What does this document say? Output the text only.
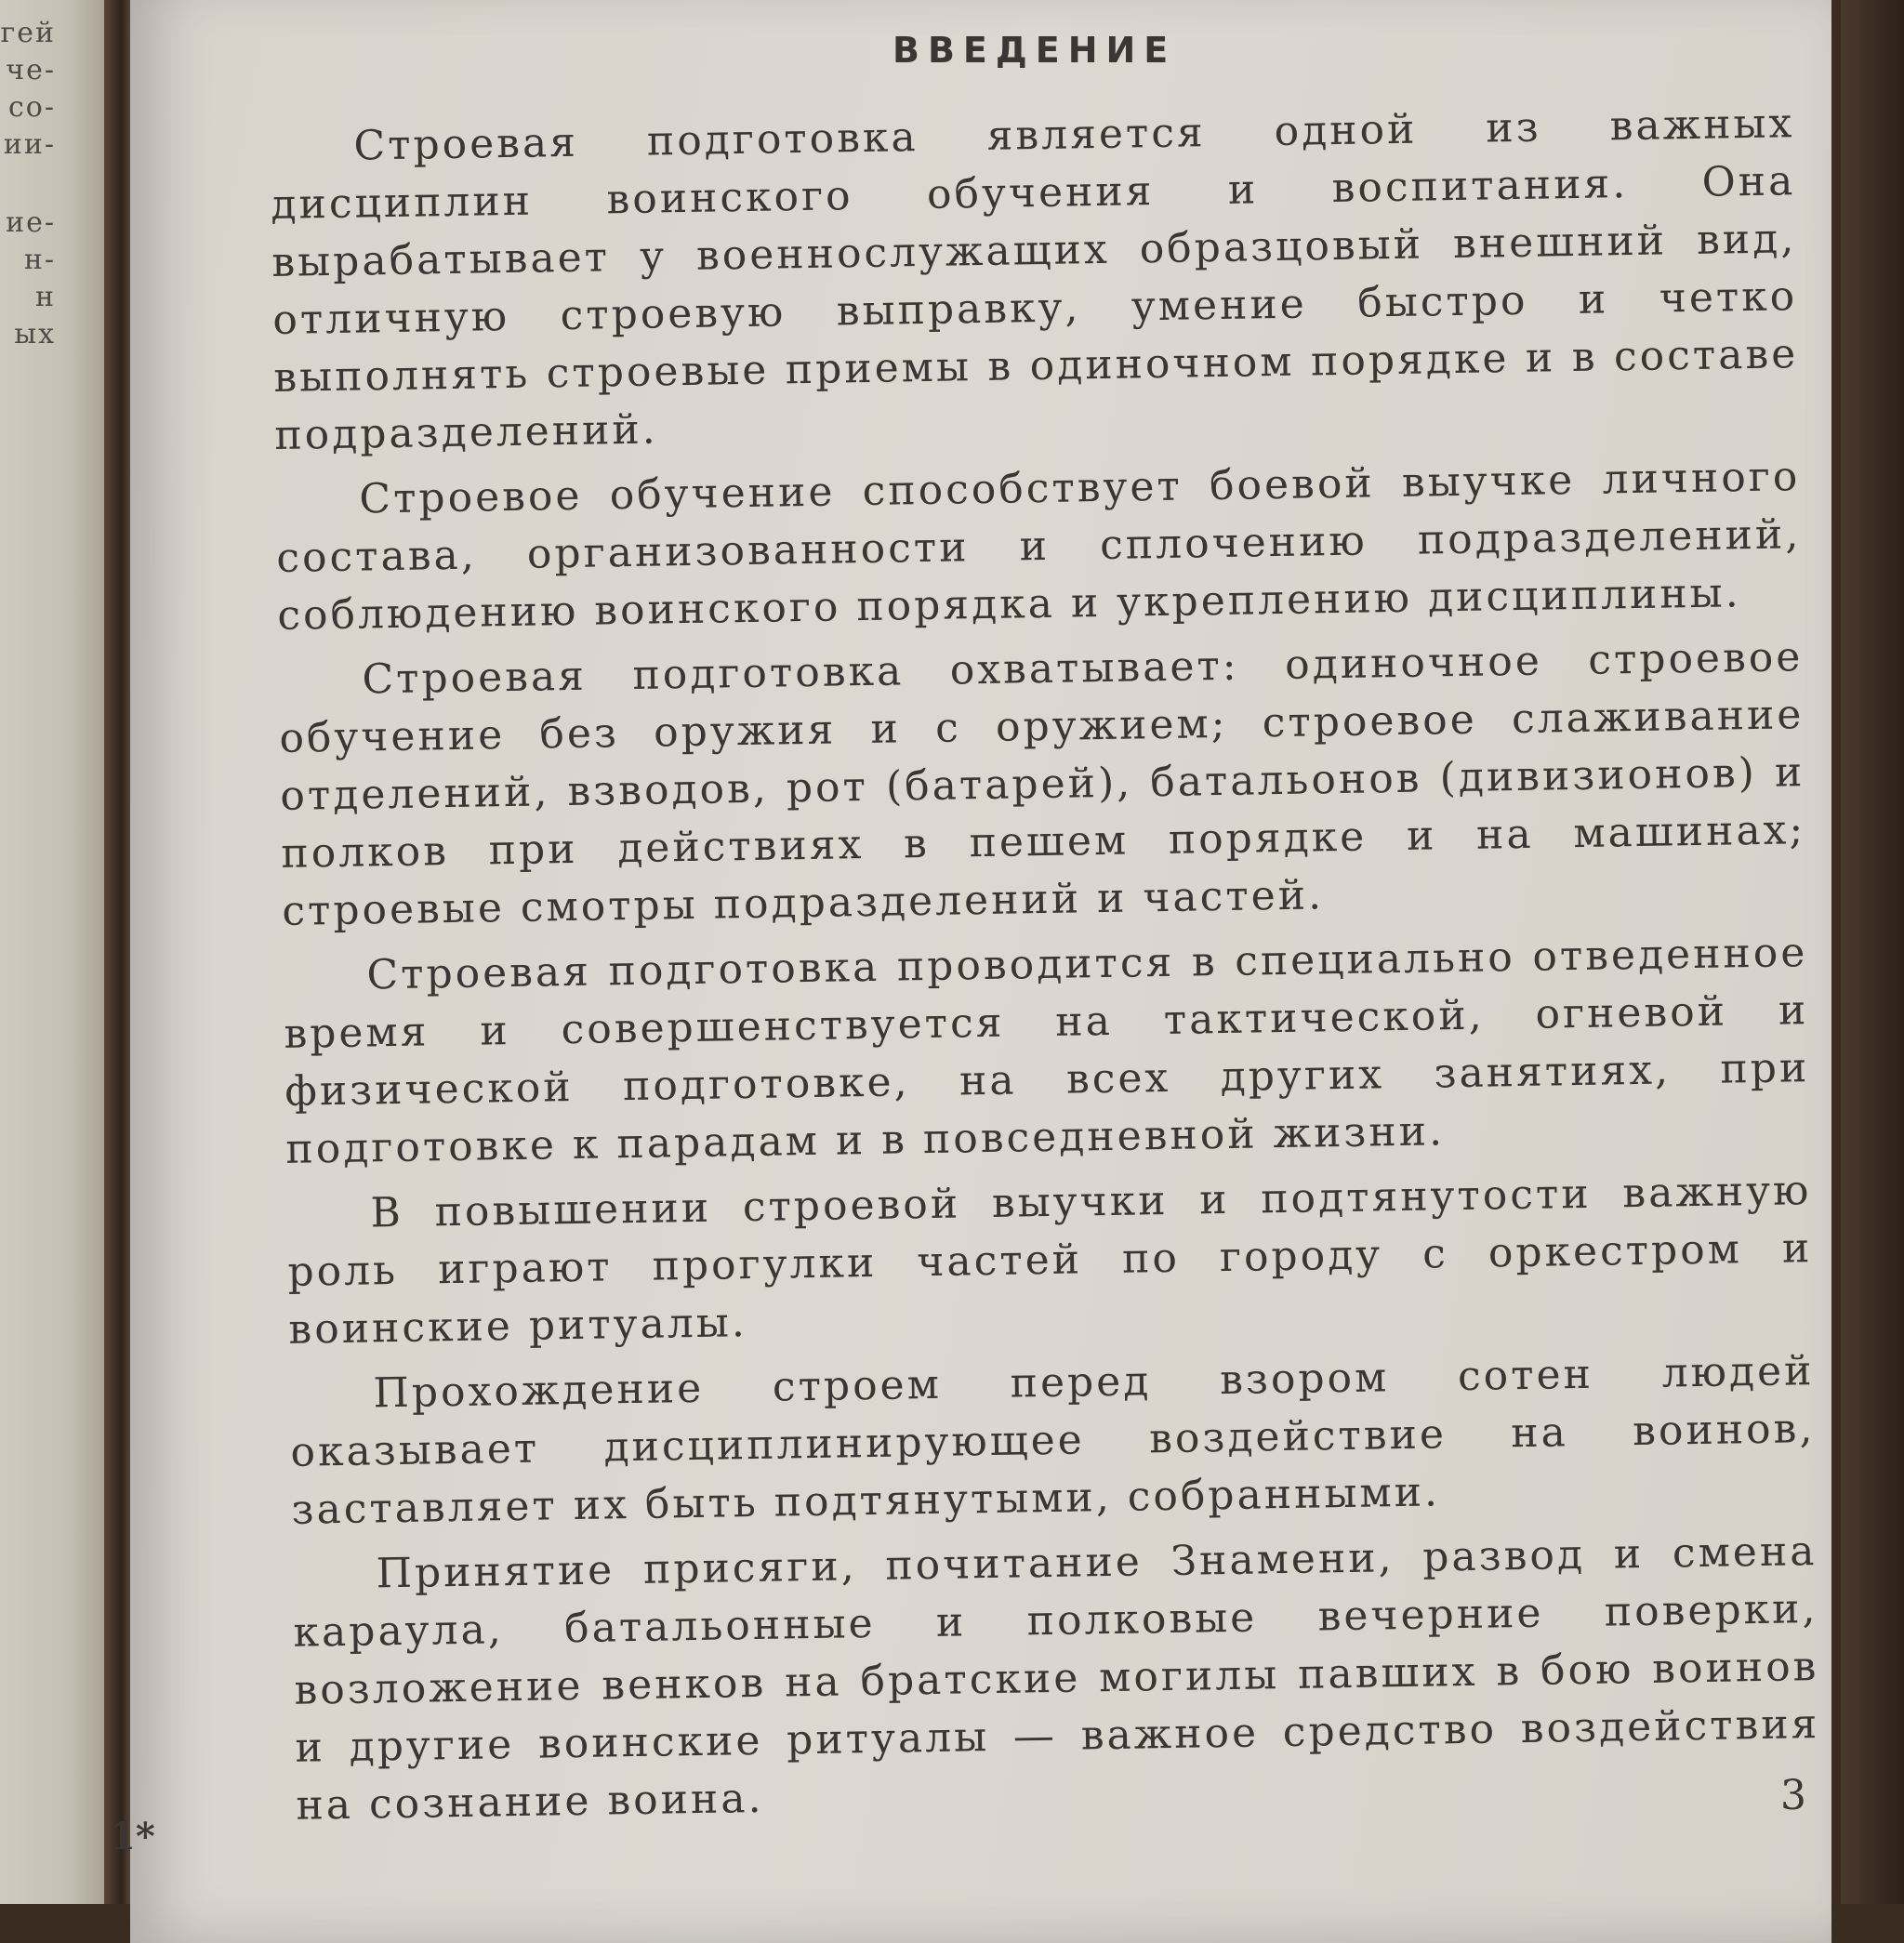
гей
че-
со-
ии-
ие-
н-
н
ых
ВВЕДЕНИЕ

Строевая подготовка является одной из важных дисциплин воинского обучения и воспитания. Она вырабатывает у военнослужащих образцовый внешний вид, отличную строевую выправку, умение быстро и четко выполнять строевые приемы в одиночном порядке и в составе подразделений.

Строевое обучение способствует боевой выучке личного состава, организованности и сплочению подразделений, соблюдению воинского порядка и укреплению дисциплины.

Строевая подготовка охватывает: одиночное строевое обучение без оружия и с оружием; строевое слаживание отделений, взводов, рот (батарей), батальонов (дивизионов) и полков при действиях в пешем порядке и на машинах; строевые смотры подразделений и частей.

Строевая подготовка проводится в специально отведенное время и совершенствуется на тактической, огневой и физической подготовке, на всех других занятиях, при подготовке к парадам и в повседневной жизни.

В повышении строевой выучки и подтянутости важную роль играют прогулки частей по городу с оркестром и воинские ритуалы.

Прохождение строем перед взором сотен людей оказывает дисциплинирующее воздействие на воинов, заставляет их быть подтянутыми, собранными.

Принятие присяги, почитание Знамени, развод и смена караула, батальонные и полковые вечерние поверки, возложение венков на братские могилы павших в бою воинов и другие воинские ритуалы — важное средство воздействия на сознание воина.	3
1*
